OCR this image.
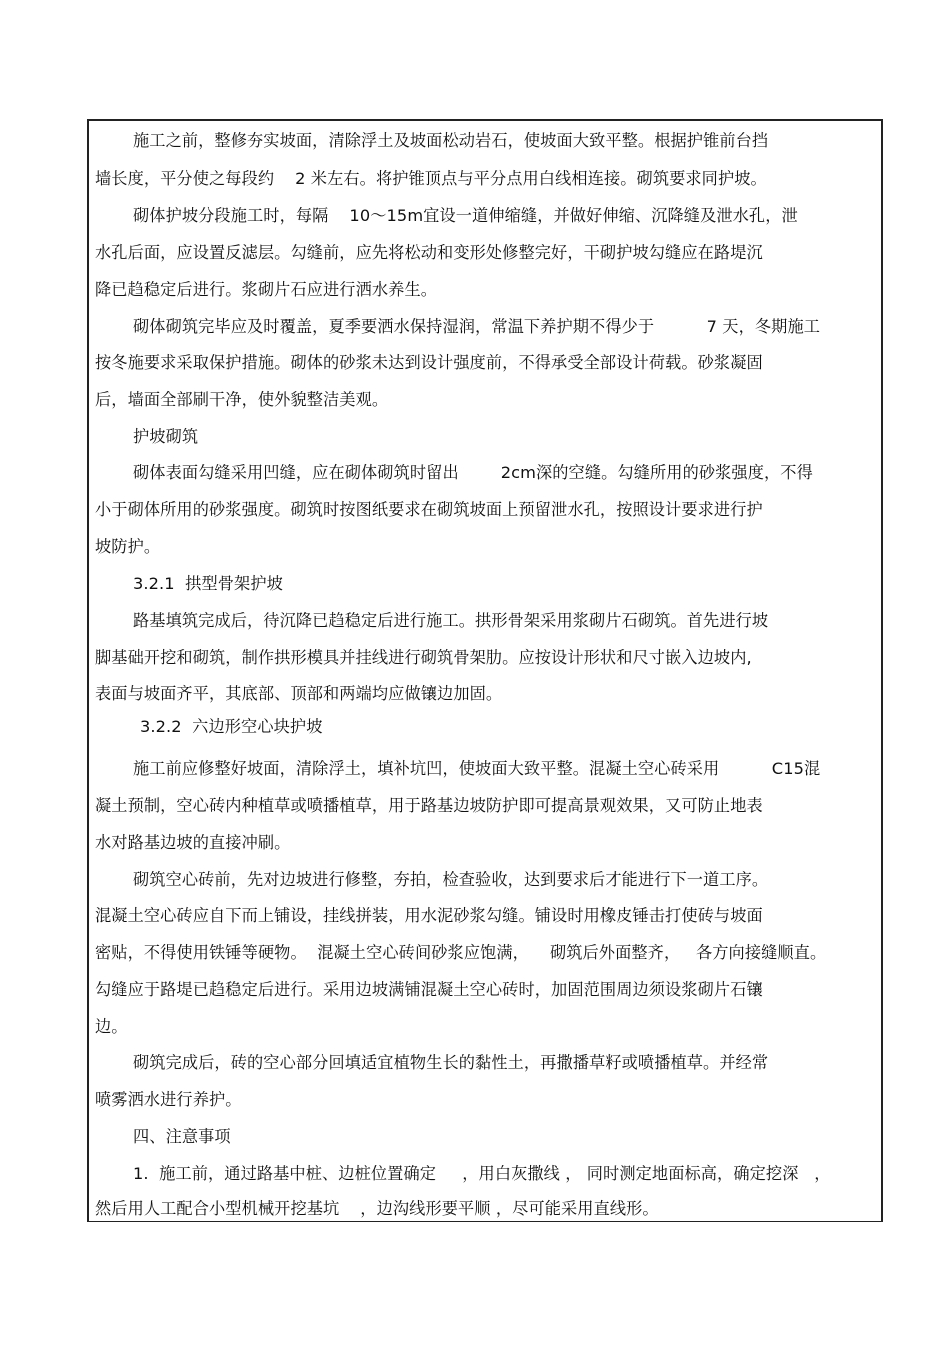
施工之前，整修夯实坡面，清除浮土及坡面松动岩石，使坡面大致平整。根据护锥前台挡
墙长度，平分使之每段约    2 米左右。将护锥顶点与平分点用白线相连接。砌筑要求同护坡。
砌体护坡分段施工时，每隔    10～15m宜设一道伸缩缝，并做好伸缩、沉降缝及泄水孔，泄
水孔后面，应设置反滤层。勾缝前，应先将松动和变形处修整完好，干砌护坡勾缝应在路堤沉
降已趋稳定后进行。浆砌片石应进行洒水养生。
砌体砌筑完毕应及时覆盖，夏季要洒水保持湿润，常温下养护期不得少于          7 天，冬期施工
按冬施要求采取保护措施。砌体的砂浆未达到设计强度前，不得承受全部设计荷载。砂浆凝固
后，墙面全部刷干净，使外貌整洁美观。
护坡砌筑
砌体表面勾缝采用凹缝，应在砌体砌筑时留出        2cm深的空缝。勾缝所用的砂浆强度，不得
小于砌体所用的砂浆强度。砌筑时按图纸要求在砌筑坡面上预留泄水孔，按照设计要求进行护
坡防护。
3.2.1  拱型骨架护坡
路基填筑完成后，待沉降已趋稳定后进行施工。拱形骨架采用浆砌片石砌筑。首先进行坡
脚基础开挖和砌筑，制作拱形模具并挂线进行砌筑骨架肋。应按设计形状和尺寸嵌入边坡内,
表面与坡面齐平，其底部、顶部和两端均应做镶边加固。
3.2.2  六边形空心块护坡
施工前应修整好坡面，清除浮土，填补坑凹，使坡面大致平整。混凝土空心砖采用          C15混
凝土预制，空心砖内种植草或喷播植草，用于路基边坡防护即可提高景观效果，又可防止地表
水对路基边坡的直接冲刷。
砌筑空心砖前，先对边坡进行修整，夯拍，检查验收，达到要求后才能进行下一道工序。
混凝土空心砖应自下而上铺设，挂线拼装，用水泥砂浆勾缝。铺设时用橡皮锤击打使砖与坡面
密贴，不得使用铁锤等硬物。  混凝土空心砖间砂浆应饱满，    砌筑后外面整齐，   各方向接缝顺直。
勾缝应于路堤已趋稳定后进行。采用边坡满铺混凝土空心砖时，加固范围周边须设浆砌片石镶
边。
砌筑完成后，砖的空心部分回填适宜植物生长的黏性土，再撒播草籽或喷播植草。并经常
喷雾洒水进行养护。
四、注意事项
1.  施工前，通过路基中桩、边桩位置确定     ，用白灰撒线 ， 同时测定地面标高，确定挖深   ，
然后用人工配合小型机械开挖基坑    ，边沟线形要平顺 ，尽可能采用直线形。
